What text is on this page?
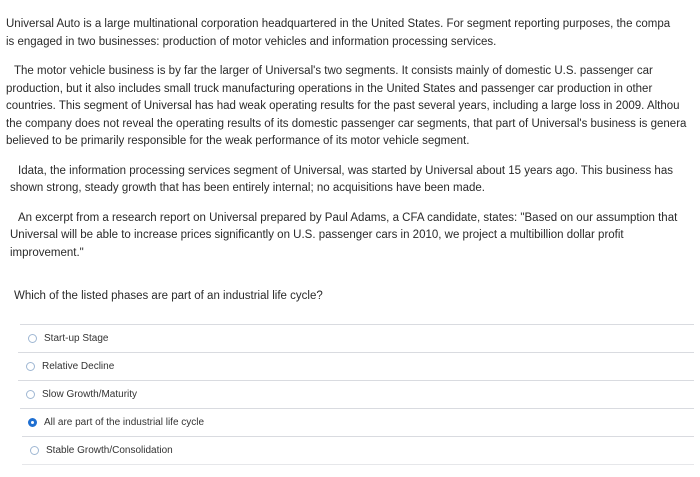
Universal Auto is a large multinational corporation headquartered in the United States. For segment reporting purposes, the compa
is engaged in two businesses: production of motor vehicles and information processing services.

The motor vehicle business is by far the larger of Universal's two segments. It consists mainly of domestic U.S. passenger car
production, but it also includes small truck manufacturing operations in the United States and passenger car production in other
countries. This segment of Universal has had weak operating results for the past several years, including a large loss in 2009. Althou
the company does not reveal the operating results of its domestic passenger car segments, that part of Universal's business is genera
believed to be primarily responsible for the weak performance of its motor vehicle segment.

Idata, the information processing services segment of Universal, was started by Universal about 15 years ago. This business has
shown strong, steady growth that has been entirely internal; no acquisitions have been made.

An excerpt from a research report on Universal prepared by Paul Adams, a CFA candidate, states: "Based on our assumption that
Universal will be able to increase prices significantly on U.S. passenger cars in 2010, we project a multibillion dollar profit
improvement."

Which of the listed phases are part of an industrial life cycle?

Start-up Stage
Relative Decline
Slow Growth/Maturity
All are part of the industrial life cycle
Stable Growth/Consolidation
